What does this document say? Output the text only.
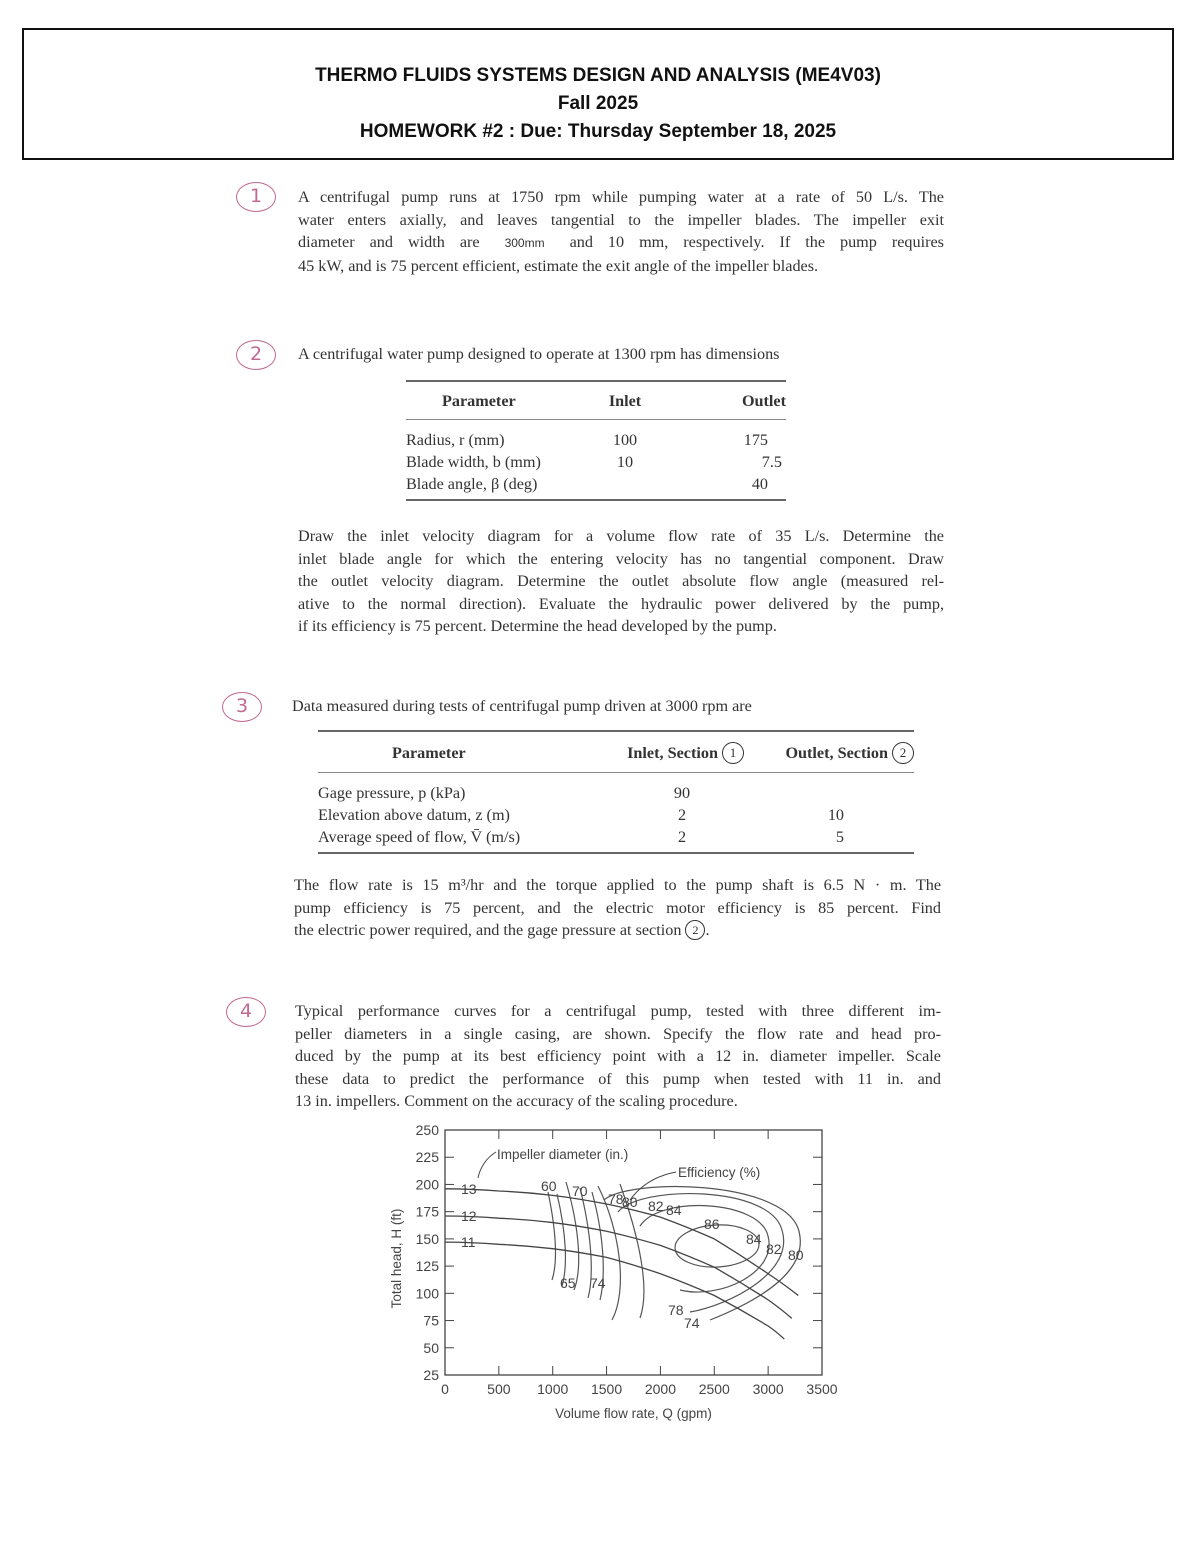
THERMO FLUIDS SYSTEMS DESIGN AND ANALYSIS (ME4V03)
Fall 2025
HOMEWORK #2 : Due: Thursday September 18, 2025
1	A centrifugal pump runs at 1750 rpm while pumping water at a rate of 50 L/s. The
water enters axially, and leaves tangential to the impeller blades. The impeller exit
diameter and width are 300mm and 10 mm, respectively. If the pump requires
45 kW, and is 75 percent efficient, estimate the exit angle of the impeller blades.
2	A centrifugal water pump designed to operate at 1300 rpm has dimensions
Parameter	Inlet	Outlet
Radius, r (mm)	100	175
Blade width, b (mm)	10	7.5
Blade angle, β (deg)		40
Draw the inlet velocity diagram for a volume flow rate of 35 L/s. Determine the
inlet blade angle for which the entering velocity has no tangential component. Draw
the outlet velocity diagram. Determine the outlet absolute flow angle (measured rel-
ative to the normal direction). Evaluate the hydraulic power delivered by the pump,
if its efficiency is 75 percent. Determine the head developed by the pump.
3	Data measured during tests of centrifugal pump driven at 3000 rpm are
Parameter	Inlet, Section 1	Outlet, Section 2
Gage pressure, p (kPa)	90	
Elevation above datum, z (m)	2	10
Average speed of flow, V̄ (m/s)	2	5
The flow rate is 15 m³/hr and the torque applied to the pump shaft is 6.5 N · m. The
pump efficiency is 75 percent, and the electric motor efficiency is 85 percent. Find
the electric power required, and the gage pressure at section 2 .
4	Typical performance curves for a centrifugal pump, tested with three different im-
peller diameters in a single casing, are shown. Specify the flow rate and head pro-
duced by the pump at its best efficiency point with a 12 in. diameter impeller. Scale
these data to predict the performance of this pump when tested with 11 in. and
13 in. impellers. Comment on the accuracy of the scaling procedure.
25
50
75
100
125
150
175
200
225
250
0	500 1000 1500 2000 2500 3000 3500
Volume flow rate, Q (gpm)
Total head, H (ft)
13
12
11
Impeller diameter (in.)
Efficiency (%)
60 70 78
80 82 84
86
84
82 80
65 74
78
74
